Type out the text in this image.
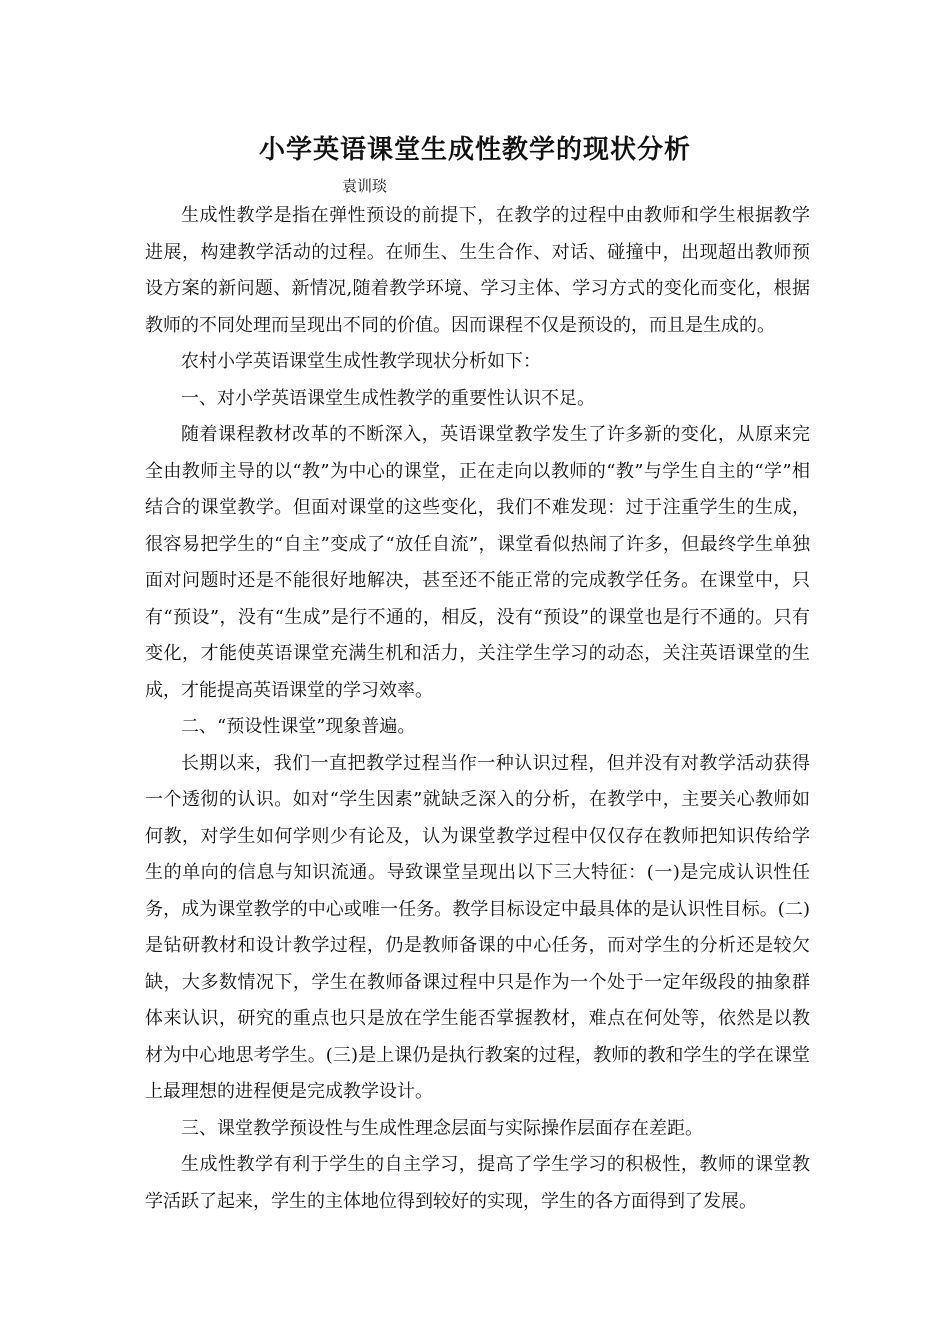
小学英语课堂生成性教学的现状分析
袁训琰

生成性教学是指在弹性预设的前提下，在教学的过程中由教师和学生根据教学进展，构建教学活动的过程。在师生、生生合作、对话、碰撞中，出现超出教师预设方案的新问题、新情况,随着教学环境、学习主体、学习方式的变化而变化，根据教师的不同处理而呈现出不同的价值。因而课程不仅是预设的，而且是生成的。

农村小学英语课堂生成性教学现状分析如下：

一、对小学英语课堂生成性教学的重要性认识不足。

随着课程教材改革的不断深入，英语课堂教学发生了许多新的变化，从原来完全由教师主导的以“教”为中心的课堂，正在走向以教师的“教”与学生自主的“学”相结合的课堂教学。但面对课堂的这些变化，我们不难发现：过于注重学生的生成，很容易把学生的“自主”变成了“放任自流”，课堂看似热闹了许多，但最终学生单独面对问题时还是不能很好地解决，甚至还不能正常的完成教学任务。在课堂中，只有“预设”，没有“生成”是行不通的，相反，没有“预设”的课堂也是行不通的。只有变化，才能使英语课堂充满生机和活力，关注学生学习的动态，关注英语课堂的生成，才能提高英语课堂的学习效率。

二、“预设性课堂”现象普遍。

长期以来，我们一直把教学过程当作一种认识过程，但并没有对教学活动获得一个透彻的认识。如对“学生因素”就缺乏深入的分析，在教学中，主要关心教师如何教，对学生如何学则少有论及，认为课堂教学过程中仅仅存在教师把知识传给学生的单向的信息与知识流通。导致课堂呈现出以下三大特征：(一)是完成认识性任务，成为课堂教学的中心或唯一任务。教学目标设定中最具体的是认识性目标。(二)是钻研教材和设计教学过程，仍是教师备课的中心任务，而对学生的分析还是较欠缺，大多数情况下，学生在教师备课过程中只是作为一个处于一定年级段的抽象群体来认识，研究的重点也只是放在学生能否掌握教材，难点在何处等，依然是以教材为中心地思考学生。(三)是上课仍是执行教案的过程，教师的教和学生的学在课堂上最理想的进程便是完成教学设计。

三、课堂教学预设性与生成性理念层面与实际操作层面存在差距。

生成性教学有利于学生的自主学习，提高了学生学习的积极性，教师的课堂教学活跃了起来，学生的主体地位得到较好的实现，学生的各方面得到了发展。
